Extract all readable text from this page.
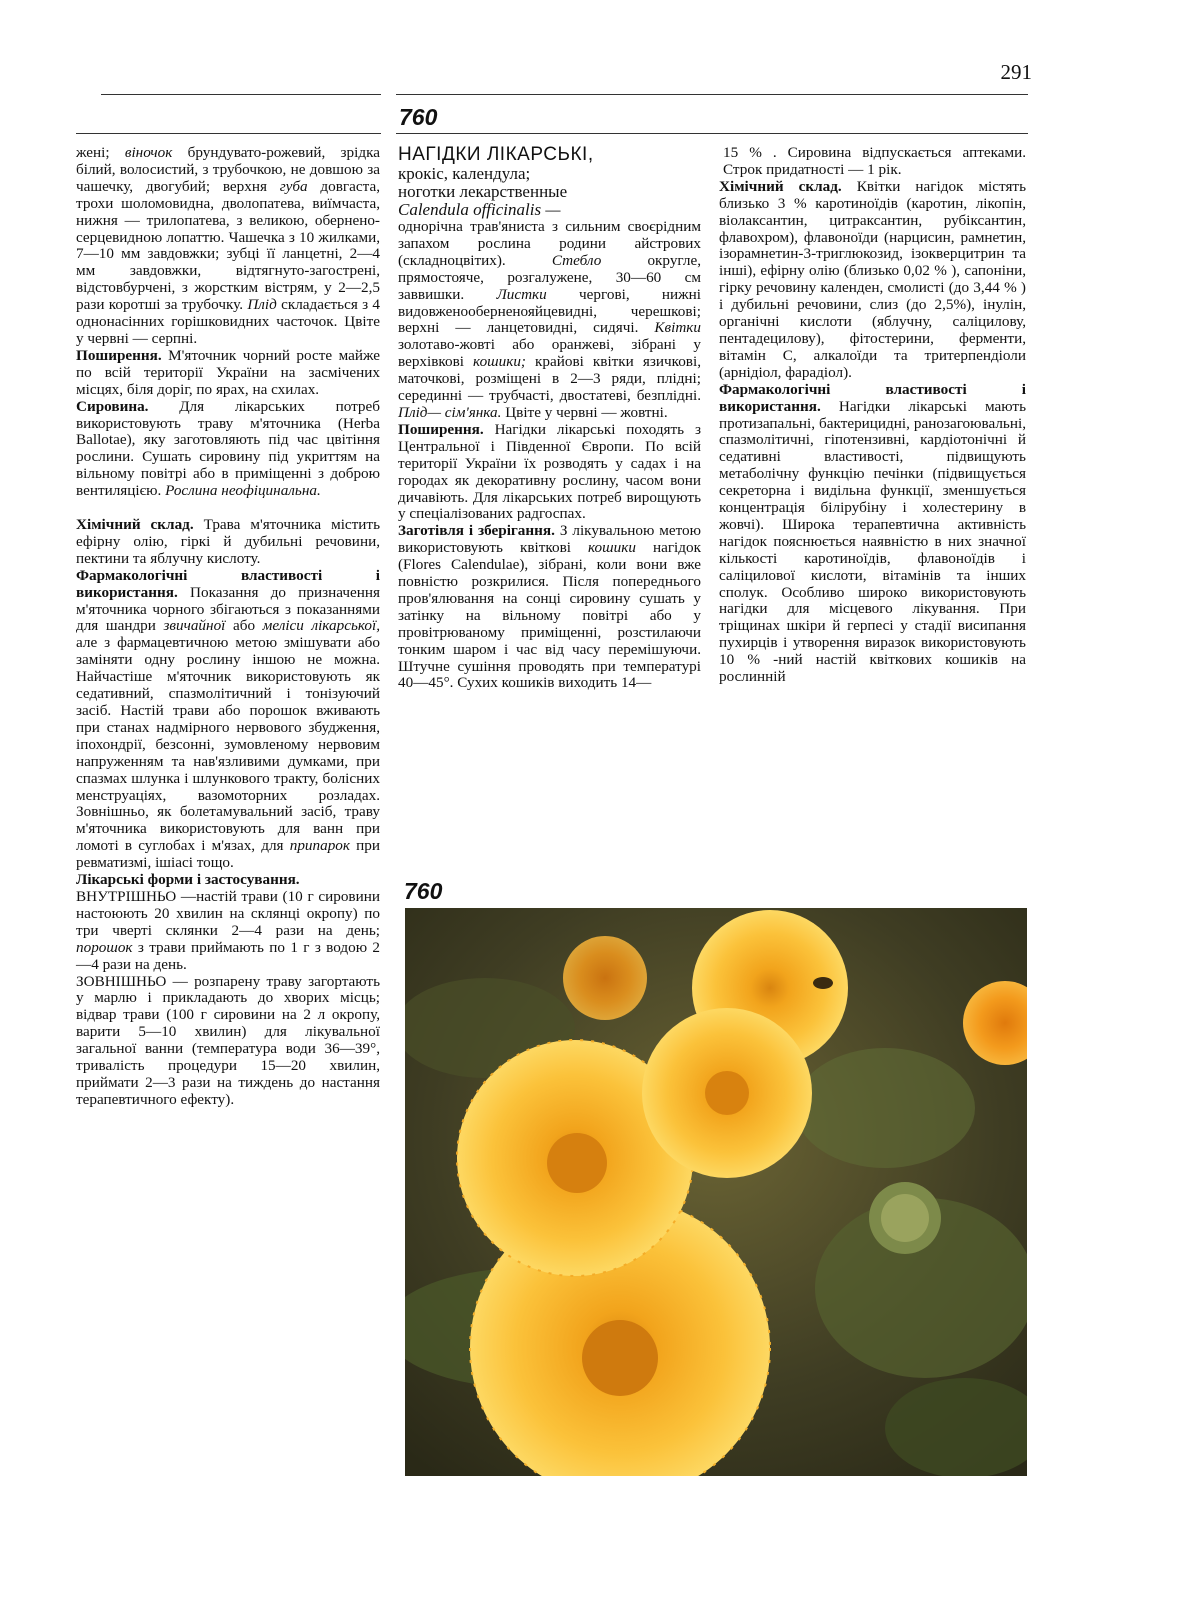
291
760

жені; віночок брундувато-рожевий, зрідка білий, волосистий, з трубочкою, не довшою за чашечку, двогубий; верхня губа довгаста, трохи шоломовидна, дволопатева, виїмчаста, нижня — трилопатева, з великою, обернено-серцевидною лопаттю. Чашечка з 10 жилками, 7—10 мм завдовжки; зубці її ланцетні, 2—4 мм завдовжки, відтягнуто-загострені, відстовбурчені, з жорстким вістрям, у 2—2,5 рази коротші за трубочку. Плід складається з 4 однонасінних горішковидних часточок. Цвіте у червні — серпні.

Поширення. М'яточник чорний росте майже по всій території України на засмічених місцях, біля доріг, по ярах, на схилах.

Сировина. Для лікарських потреб використовують траву м'яточника (Herba Ballotae), яку заготовляють під час цвітіння рослини. Сушать сировину під укриттям на вільному повітрі або в приміщенні з доброю вентиляцією. Рослина неофіцинальна.

Хімічний склад. Трава м'яточника містить ефірну олію, гіркі й дубильні речовини, пектини та яблучну кислоту.

Фармакологічні властивості і використання. Показання до призначення м'яточника чорного збігаються з показаннями для шандри звичайної або меліси лікарської, але з фармацевтичною метою змішувати або заміняти одну рослину іншою не можна. Найчастіше м'яточник використовують як седативний, спазмолітичний і тонізуючий засіб. Настій трави або порошок вживають при станах надмірного нервового збудження, іпохондрії, безсонні, зумовленому нервовим напруженням та нав'язливими думками, при спазмах шлунка і шлункового тракту, болісних менструаціях, вазомоторних розладах. Зовнішньо, як болетамувальний засіб, траву м'яточника використовують для ванн при ломоті в суглобах і м'язах, для припарок при ревматизмі, ішіасі тощо.

Лікарські форми і застосування.

ВНУТРІШНЬО —настій трави (10 г сировини настоюють 20 хвилин на склянці окропу) по три чверті склянки 2—4 рази на день; порошок з трави приймають по 1 г з водою 2—4 рази на день.

ЗОВНІШНЬО — розпарену траву загортають у марлю і прикладають до хворих місць; відвар трави (100 г сировини на 2 л окропу, варити 5—10 хвилин) для лікувальної загальної ванни (температура води 36—39°, тривалість процедури 15—20 хвилин, приймати 2—3 рази на тиждень до настання терапевтичного ефекту).

НАГІДКИ ЛІКАРСЬКІ,
крокіс, календула;
ноготки лекарственные
Calendula officinalis —

однорічна трав'яниста з сильним своєрідним запахом рослина родини айстрових (складноцвітих). Стебло округле, прямостояче, розгалужене, 30—60 см заввишки. Листки чергові, нижні видовженооберненояйцевидні, черешкові; верхні — ланцетовидні, сидячі. Квітки золотаво-жовті або оранжеві, зібрані у верхівкові кошики; крайові квітки язичкові, маточкові, розміщені в 2—3 ряди, плідні; серединні — трубчасті, двостатеві, безплідні. Плід— сім'янка. Цвіте у червні — жовтні.

Поширення. Нагідки лікарські походять з Центральної і Південної Європи. По всій території України їх розводять у садах і на городах як декоративну рослину, часом вони дичавіють. Для лікарських потреб вирощують у спеціалізованих радгоспах.

Заготівля і зберігання. З лікувальною метою використовують квіткові кошики нагідок (Flores Calendulae), зібрані, коли вони вже повністю розкрилися. Після попереднього пров'ялювання на сонці сировину сушать у затінку на вільному повітрі або у провітрюваному приміщенні, розстилаючи тонким шаром і час від часу перемішуючи. Штучне сушіння проводять при температурі 40—45°. Сухих кошиків виходить 14—

15 % . Сировина відпускається аптеками. Строк придатності — 1 рік.

Хімічний склад. Квітки нагідок містять близько 3 % каротиноїдів (каротин, лікопін, віолаксантин, цитраксантин, рубіксантин, флавохром), флавоноїди (нарцисин, рамнетин, ізорамнетин-3-триглюкозид, ізокверцитрин та інші), ефірну олію (близько 0,02 % ), сапоніни, гірку речовину календен, смолисті (до 3,44 % ) і дубильні речовини, слиз (до 2,5%), інулін, органічні кислоти (яблучну, саліцилову, пентадецилову), фітостерини, ферменти, вітамін С, алкалоїди та тритерпендіоли (арнідіол, фарадіол).

Фармакологічні властивості і використання. Нагідки лікарські мають протизапальні, бактерицидні, ранозагоювальні, спазмолітичні, гіпотензивні, кардіотонічні й седативні властивості, підвищують метаболічну функцію печінки (підвищується секреторна і видільна функції, зменшується концентрація білірубіну і холестерину в жовчі). Широка терапевтична активність нагідок пояснюється наявністю в них значної кількості каротиноїдів, флавоноїдів і саліцилової кислоти, вітамінів та інших сполук. Особливо широко використовують нагідки для місцевого лікування. При тріщинах шкіри й герпесі у стадії висипання пухирців і утворення виразок використовують 10 % -ний настій квіткових кошиків на рослинній

760
